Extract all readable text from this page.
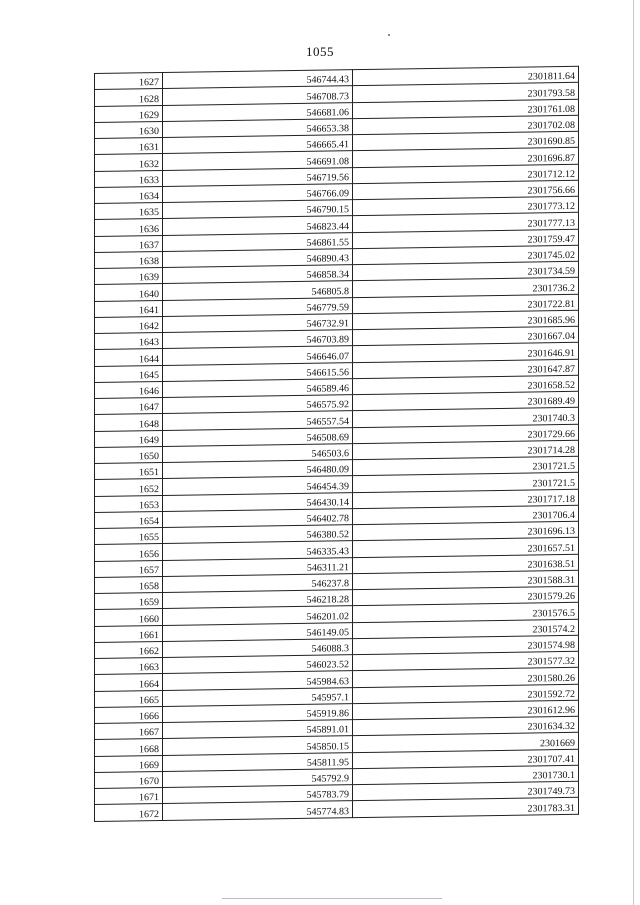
1055
1627	546744.43	2301811.64
1628	546708.73	2301793.58
1629	546681.06	2301761.08
1630	546653.38	2301702.08
1631	546665.41	2301690.85
1632	546691.08	2301696.87
1633	546719.56	2301712.12
1634	546766.09	2301756.66
1635	546790.15	2301773.12
1636	546823.44	2301777.13
1637	546861.55	2301759.47
1638	546890.43	2301745.02
1639	546858.34	2301734.59
1640	546805.8	2301736.2
1641	546779.59	2301722.81
1642	546732.91	2301685.96
1643	546703.89	2301667.04
1644	546646.07	2301646.91
1645	546615.56	2301647.87
1646	546589.46	2301658.52
1647	546575.92	2301689.49
1648	546557.54	2301740.3
1649	546508.69	2301729.66
1650	546503.6	2301714.28
1651	546480.09	2301721.5
1652	546454.39	2301721.5
1653	546430.14	2301717.18
1654	546402.78	2301706.4
1655	546380.52	2301696.13
1656	546335.43	2301657.51
1657	546311.21	2301638.51
1658	546237.8	2301588.31
1659	546218.28	2301579.26
1660	546201.02	2301576.5
1661	546149.05	2301574.2
1662	546088.3	2301574.98
1663	546023.52	2301577.32
1664	545984.63	2301580.26
1665	545957.1	2301592.72
1666	545919.86	2301612.96
1667	545891.01	2301634.32
1668	545850.15	2301669
1669	545811.95	2301707.41
1670	545792.9	2301730.1
1671	545783.79	2301749.73
1672	545774.83	2301783.31
